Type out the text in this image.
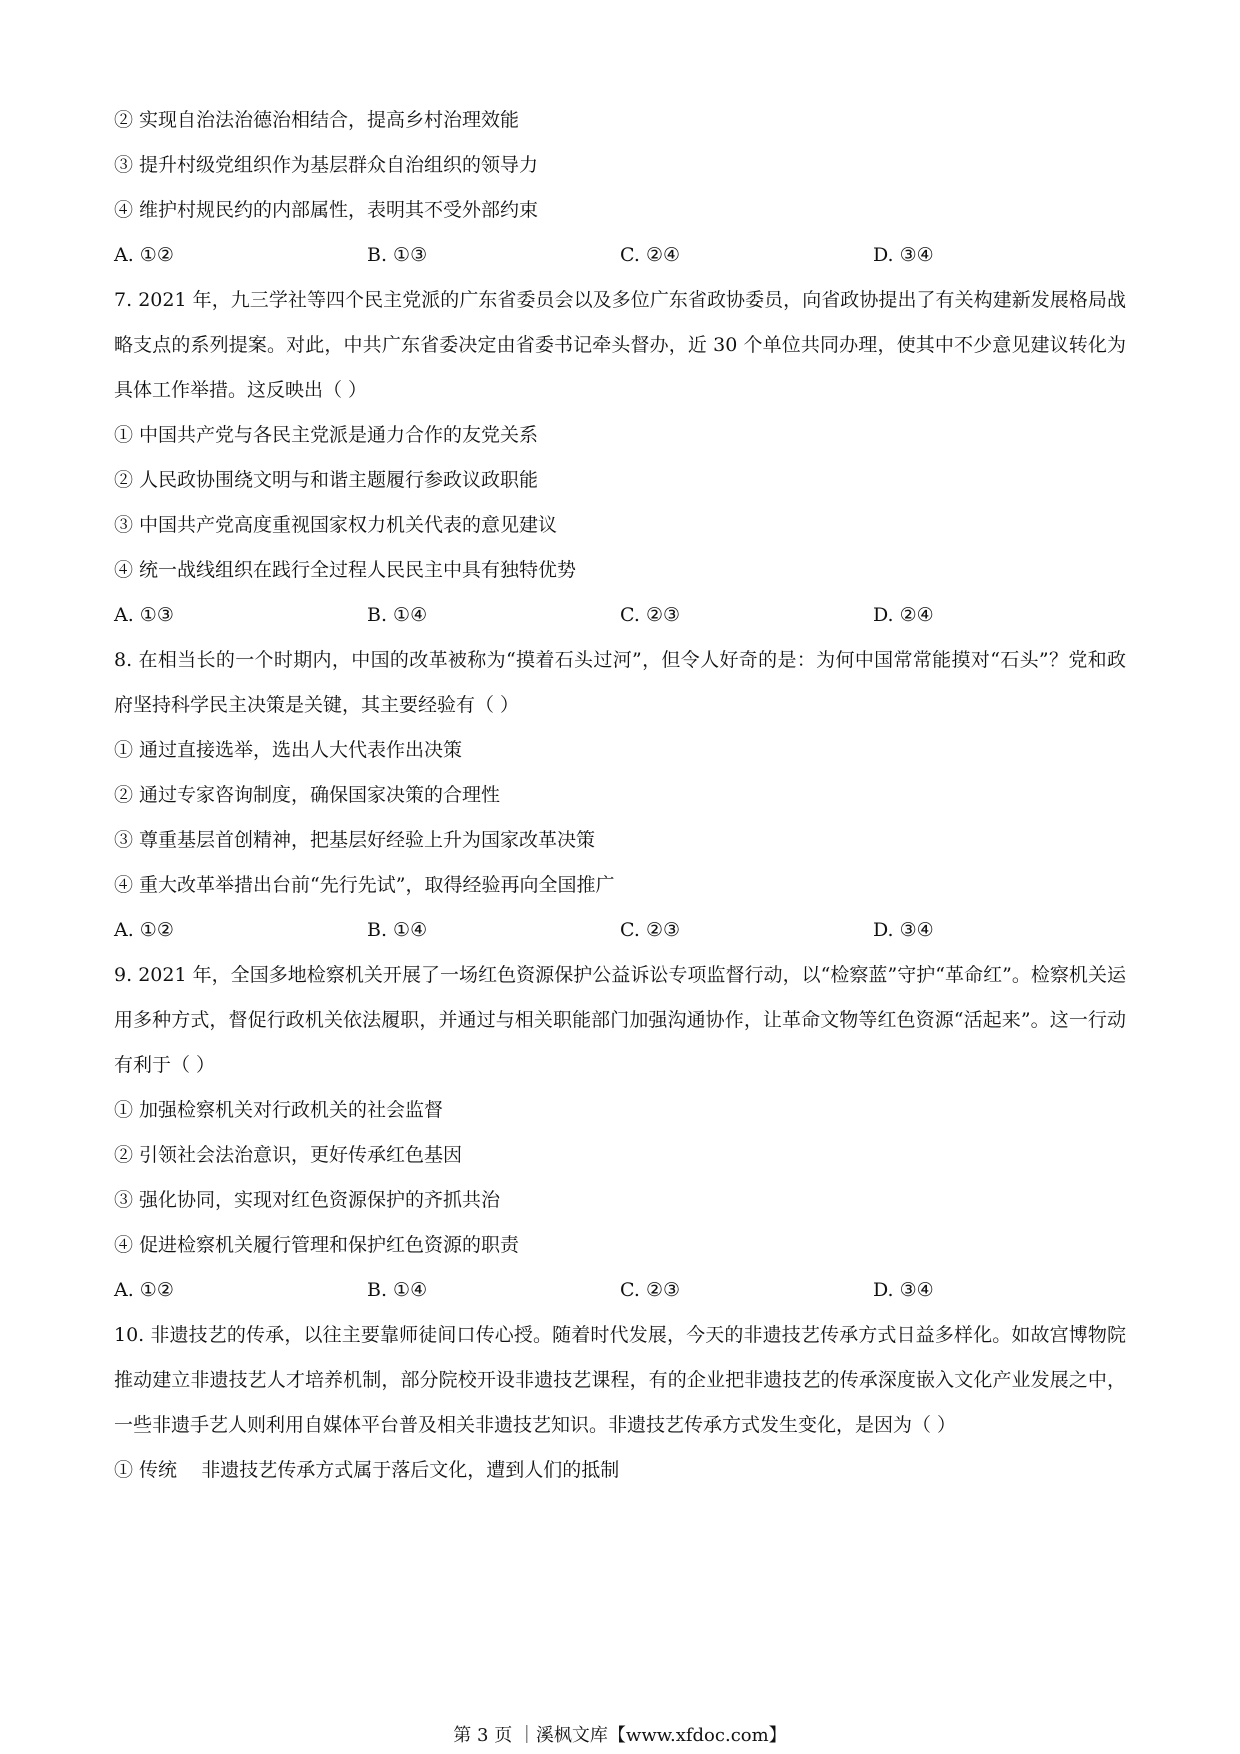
② 实现自治法治德治相结合，提高乡村治理效能

③ 提升村级党组织作为基层群众自治组织的领导力

④ 维护村规民约的内部属性，表明其不受外部约束

A. ①②	B. ①③	C. ②④	D. ③④

7. 2021 年，九三学社等四个民主党派的广东省委员会以及多位广东省政协委员，向省政协提出了有关构建新发展格局战略支点的系列提案。对此，中共广东省委决定由省委书记牵头督办，近 30 个单位共同办理，使其中不少意见建议转化为具体工作举措。这反映出（ ）

① 中国共产党与各民主党派是通力合作的友党关系

② 人民政协围绕文明与和谐主题履行参政议政职能

③ 中国共产党高度重视国家权力机关代表的意见建议

④ 统一战线组织在践行全过程人民民主中具有独特优势

A. ①③	B. ①④	C. ②③	D. ②④

8. 在相当长的一个时期内，中国的改革被称为“摸着石头过河”，但令人好奇的是：为何中国常常能摸对“石头”？党和政府坚持科学民主决策是关键，其主要经验有（ ）

① 通过直接选举，选出人大代表作出决策

② 通过专家咨询制度，确保国家决策的合理性

③ 尊重基层首创精神，把基层好经验上升为国家改革决策

④ 重大改革举措出台前“先行先试”，取得经验再向全国推广

A. ①②	B. ①④	C. ②③	D. ③④

9. 2021 年，全国多地检察机关开展了一场红色资源保护公益诉讼专项监督行动，以“检察蓝”守护“革命红”。检察机关运用多种方式，督促行政机关依法履职，并通过与相关职能部门加强沟通协作，让革命文物等红色资源“活起来”。这一行动有利于（ ）

① 加强检察机关对行政机关的社会监督

② 引领社会法治意识，更好传承红色基因

③ 强化协同，实现对红色资源保护的齐抓共治

④ 促进检察机关履行管理和保护红色资源的职责

A. ①②	B. ①④	C. ②③	D. ③④

10. 非遗技艺的传承，以往主要靠师徒间口传心授。随着时代发展，今天的非遗技艺传承方式日益多样化。如故宫博物院推动建立非遗技艺人才培养机制，部分院校开设非遗技艺课程，有的企业把非遗技艺的传承深度嵌入文化产业发展之中，一些非遗手艺人则利用自媒体平台普及相关非遗技艺知识。非遗技艺传承方式发生变化，是因为（ ）

① 传统    非遗技艺传承方式属于落后文化，遭到人们的抵制

第 3 页 ｜溪枫文库【www.xfdoc.com】
